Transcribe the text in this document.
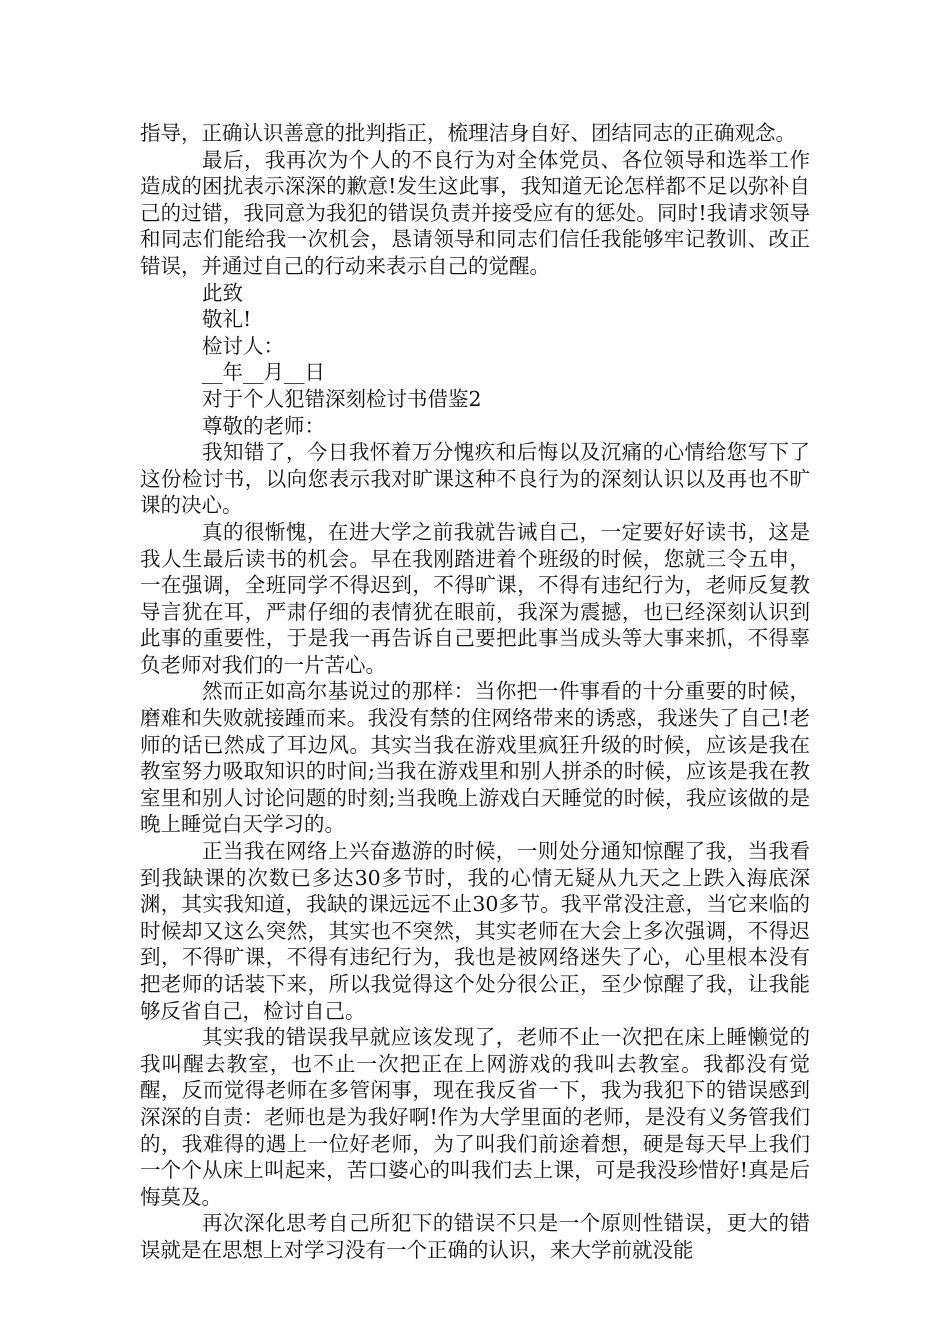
指导，正确认识善意的批判指正，梳理洁身自好、团结同志的正确观念。

最后，我再次为个人的不良行为对全体党员、各位领导和选举工作造成的困扰表示深深的歉意!发生这此事，我知道无论怎样都不足以弥补自己的过错，我同意为我犯的错误负责并接受应有的惩处。同时!我请求领导和同志们能给我一次机会，恳请领导和同志们信任我能够牢记教训、改正错误，并通过自己的行动来表示自己的觉醒。

此致

敬礼!

检讨人：

__年__月__日

对于个人犯错深刻检讨书借鉴2

尊敬的老师：

我知错了，今日我怀着万分愧疚和后悔以及沉痛的心情给您写下了这份检讨书，以向您表示我对旷课这种不良行为的深刻认识以及再也不旷课的决心。

真的很惭愧，在进大学之前我就告诫自己，一定要好好读书，这是我人生最后读书的机会。早在我刚踏进着个班级的时候，您就三令五申，一在强调，全班同学不得迟到，不得旷课，不得有违纪行为，老师反复教导言犹在耳，严肃仔细的表情犹在眼前，我深为震撼，也已经深刻认识到此事的重要性，于是我一再告诉自己要把此事当成头等大事来抓，不得辜负老师对我们的一片苦心。

然而正如高尔基说过的那样：当你把一件事看的十分重要的时候，磨难和失败就接踵而来。我没有禁的住网络带来的诱惑，我迷失了自己!老师的话已然成了耳边风。其实当我在游戏里疯狂升级的时候，应该是我在教室努力吸取知识的时间;当我在游戏里和别人拼杀的时候，应该是我在教室里和别人讨论问题的时刻;当我晚上游戏白天睡觉的时候，我应该做的是晚上睡觉白天学习的。

正当我在网络上兴奋遨游的时候，一则处分通知惊醒了我，当我看到我缺课的次数已多达30多节时，我的心情无疑从九天之上跌入海底深渊，其实我知道，我缺的课远远不止30多节。我平常没注意，当它来临的时候却又这么突然，其实也不突然，其实老师在大会上多次强调，不得迟到，不得旷课，不得有违纪行为，我也是被网络迷失了心，心里根本没有把老师的话装下来，所以我觉得这个处分很公正，至少惊醒了我，让我能够反省自己，检讨自己。

其实我的错误我早就应该发现了，老师不止一次把在床上睡懒觉的我叫醒去教室，也不止一次把正在上网游戏的我叫去教室。我都没有觉醒，反而觉得老师在多管闲事，现在我反省一下，我为我犯下的错误感到深深的自责：老师也是为我好啊!作为大学里面的老师，是没有义务管我们的，我难得的遇上一位好老师，为了叫我们前途着想，硬是每天早上我们一个个从床上叫起来，苦口婆心的叫我们去上课，可是我没珍惜好!真是后悔莫及。

再次深化思考自己所犯下的错误不只是一个原则性错误，更大的错误就是在思想上对学习没有一个正确的认识，来大学前就没能
